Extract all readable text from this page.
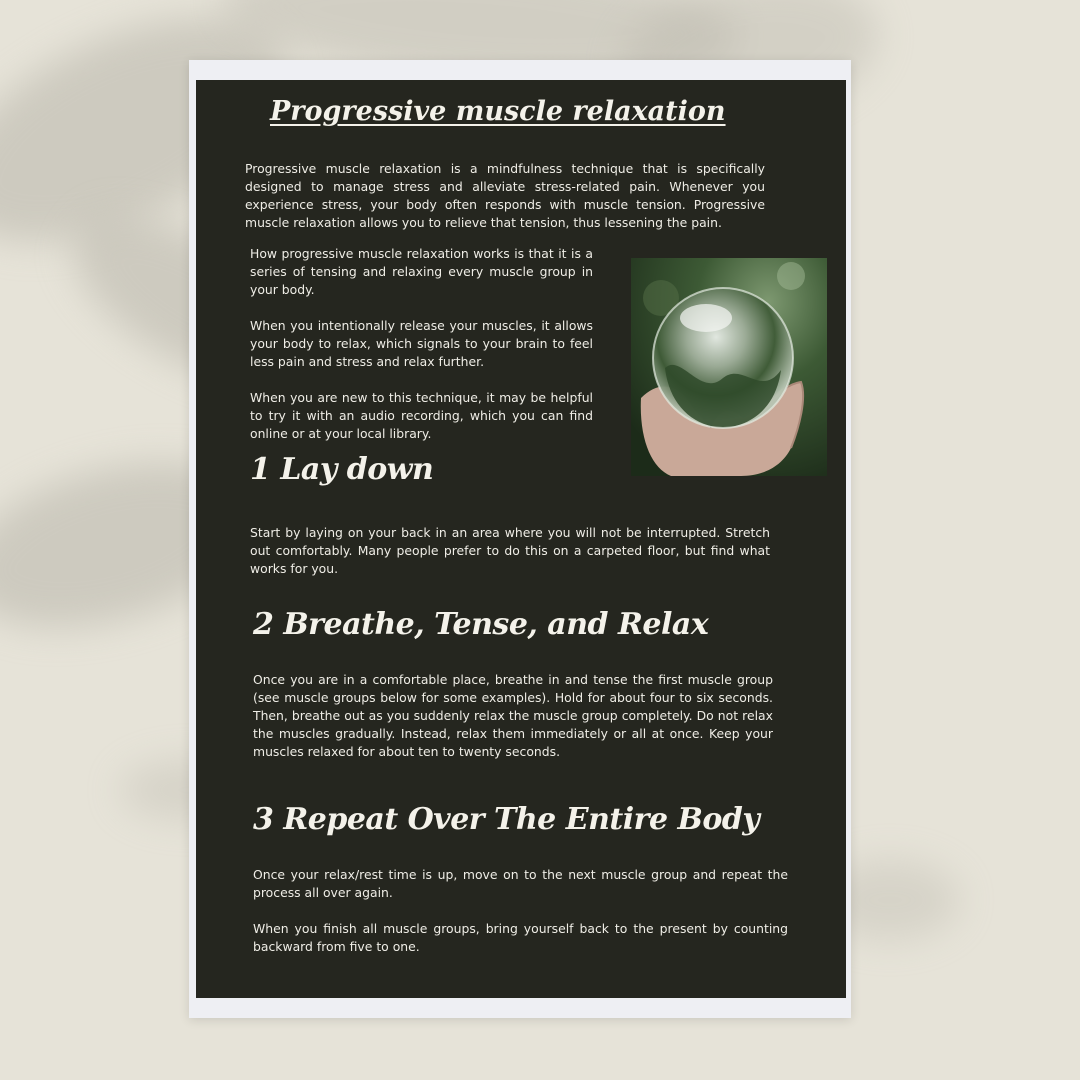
Progressive muscle relaxation

Progressive muscle relaxation is a mindfulness technique that is specifically designed to manage stress and alleviate stress-related pain. Whenever you experience stress, your body often responds with muscle tension. Progressive muscle relaxation allows you to relieve that tension, thus lessening the pain.

How progressive muscle relaxation works is that it is a series of tensing and relaxing every muscle group in your body.

When you intentionally release your muscles, it allows your body to relax, which signals to your brain to feel less pain and stress and relax further.

When you are new to this technique, it may be helpful to try it with an audio recording, which you can find online or at your local library.

1 Lay down

Start by laying on your back in an area where you will not be interrupted. Stretch out comfortably. Many people prefer to do this on a carpeted floor, but find what works for you.

2 Breathe, Tense, and Relax

Once you are in a comfortable place, breathe in and tense the first muscle group (see muscle groups below for some examples). Hold for about four to six seconds. Then, breathe out as you suddenly relax the muscle group completely. Do not relax the muscles gradually. Instead, relax them immediately or all at once. Keep your muscles relaxed for about ten to twenty seconds.

3 Repeat Over The Entire Body

Once your relax/rest time is up, move on to the next muscle group and repeat the process all over again.

When you finish all muscle groups, bring yourself back to the present by counting backward from five to one.
